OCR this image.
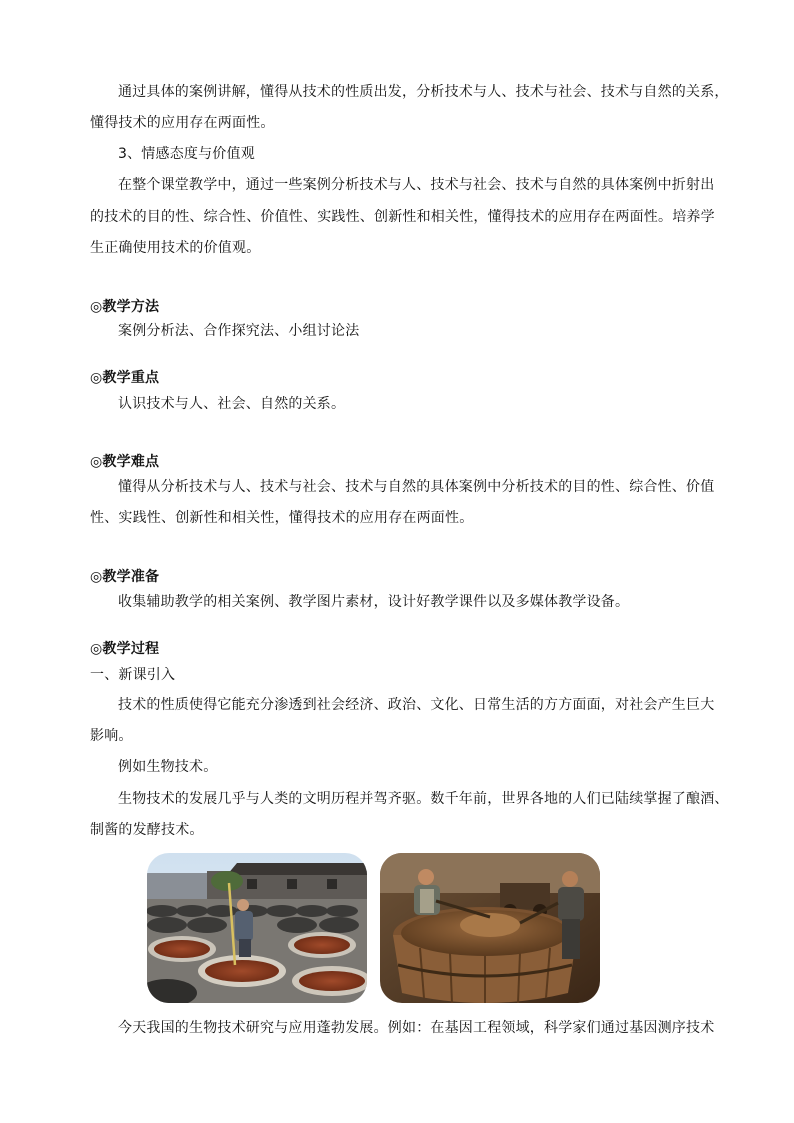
通过具体的案例讲解，懂得从技术的性质出发，分析技术与人、技术与社会、技术与自然的关系，
懂得技术的应用存在两面性。
3、情感态度与价值观
在整个课堂教学中，通过一些案例分析技术与人、技术与社会、技术与自然的具体案例中折射出
的技术的目的性、综合性、价值性、实践性、创新性和相关性，懂得技术的应用存在两面性。培养学
生正确使用技术的价值观。
◎教学方法
案例分析法、合作探究法、小组讨论法
◎教学重点
认识技术与人、社会、自然的关系。
◎教学难点
懂得从分析技术与人、技术与社会、技术与自然的具体案例中分析技术的目的性、综合性、价值
性、实践性、创新性和相关性，懂得技术的应用存在两面性。
◎教学准备
收集辅助教学的相关案例、教学图片素材，设计好教学课件以及多媒体教学设备。
◎教学过程
一、新课引入
技术的性质使得它能充分渗透到社会经济、政治、文化、日常生活的方方面面，对社会产生巨大
影响。
例如生物技术。
生物技术的发展几乎与人类的文明历程并驾齐驱。数千年前，世界各地的人们已陆续掌握了酿酒、
制酱的发酵技术。
今天我国的生物技术研究与应用蓬勃发展。例如：在基因工程领域，科学家们通过基因测序技术
